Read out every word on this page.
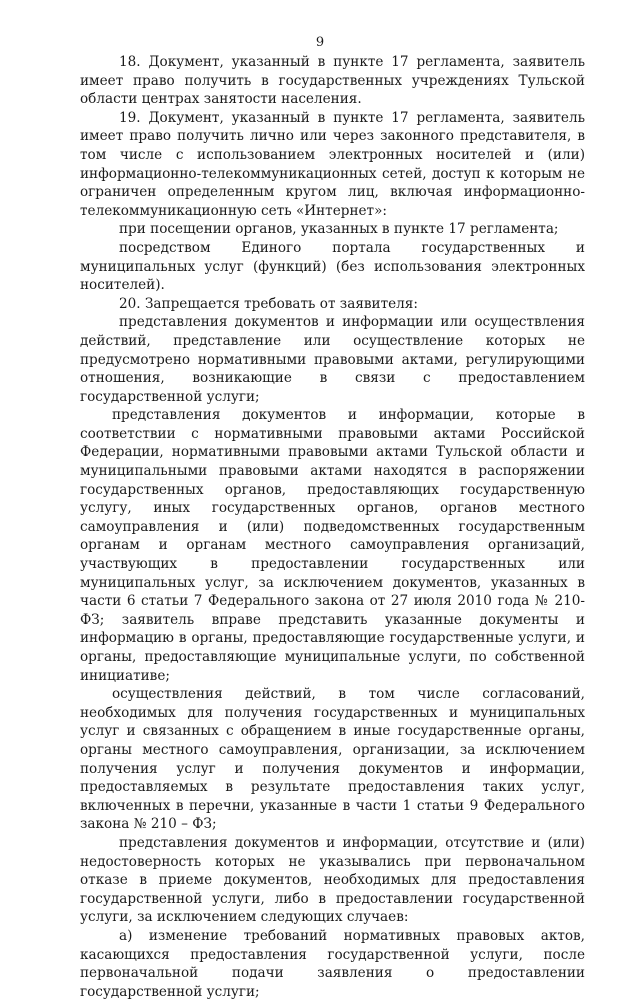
9

18. Документ, указанный в пункте 17 регламента, заявитель имеет право получить в государственных учреждениях Тульской области центрах занятости населения.

19. Документ, указанный в пункте 17 регламента, заявитель имеет право получить лично или через законного представителя, в том числе с использованием электронных носителей и (или) информационно-телекоммуникационных сетей, доступ к которым не ограничен определенным кругом лиц, включая информационно-телекоммуникационную сеть «Интернет»:

при посещении органов, указанных в пункте 17 регламента;

посредством Единого портала государственных и муниципальных услуг (функций) (без использования электронных носителей).

20. Запрещается требовать от заявителя:

представления документов и информации или осуществления действий, представление или осуществление которых не предусмотрено нормативными правовыми актами, регулирующими отношения, возникающие в связи с предоставлением государственной услуги;

представления документов и информации, которые в соответствии с нормативными правовыми актами Российской Федерации, нормативными правовыми актами Тульской области и муниципальными правовыми актами находятся в распоряжении государственных органов, предоставляющих государственную услугу, иных государственных органов, органов местного самоуправления и (или) подведомственных государственным органам и органам местного самоуправления организаций, участвующих в предоставлении государственных или муниципальных услуг, за исключением документов, указанных в части 6 статьи 7 Федерального закона от 27 июля 2010 года № 210-ФЗ; заявитель вправе представить указанные документы и информацию в органы, предоставляющие государственные услуги, и органы, предоставляющие муниципальные услуги, по собственной инициативе;

осуществления действий, в том числе согласований, необходимых для получения государственных и муниципальных услуг и связанных с обращением в иные государственные органы, органы местного самоуправления, организации, за исключением получения услуг и получения документов и информации, предоставляемых в результате предоставления таких услуг, включенных в перечни, указанные в части 1 статьи 9 Федерального закона № 210 – ФЗ;

представления документов и информации, отсутствие и (или) недостоверность которых не указывались при первоначальном отказе в приеме документов, необходимых для предоставления государственной услуги, либо в предоставлении государственной услуги, за исключением следующих случаев:

а) изменение требований нормативных правовых актов, касающихся предоставления государственной услуги, после первоначальной подачи заявления о предоставлении государственной услуги;
